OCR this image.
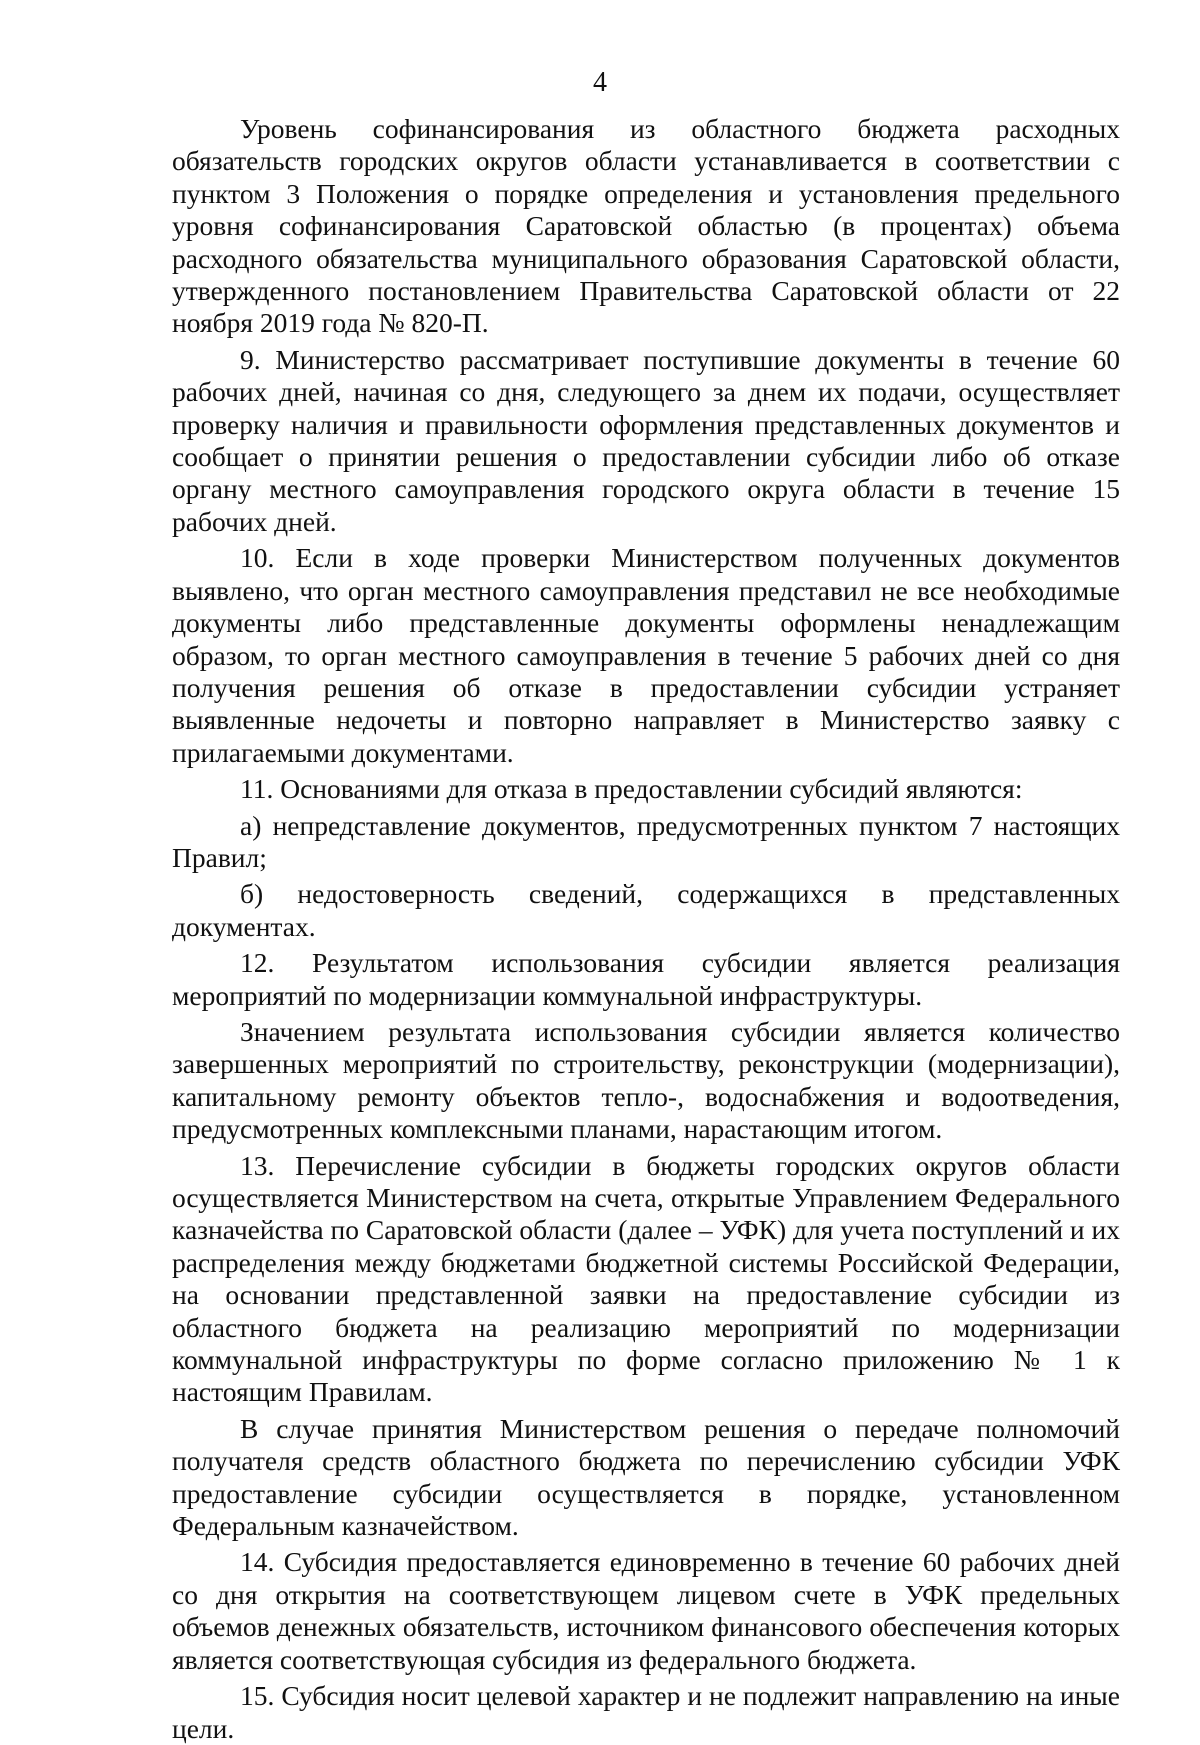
4

Уровень софинансирования из областного бюджета расходных обязательств городских округов области устанавливается в соответствии с пунктом 3 Положения о порядке определения и установления предельного уровня софинансирования Саратовской областью (в процентах) объема расходного обязательства муниципального образования Саратовской области, утвержденного постановлением Правительства Саратовской области от 22 ноября 2019 года № 820-П.

9. Министерство рассматривает поступившие документы в течение 60 рабочих дней, начиная со дня, следующего за днем их подачи, осуществляет проверку наличия и правильности оформления представленных документов и сообщает о принятии решения о предоставлении субсидии либо об отказе органу местного самоуправления городского округа области в течение 15 рабочих дней.

10. Если в ходе проверки Министерством полученных документов выявлено, что орган местного самоуправления представил не все необходимые документы либо представленные документы оформлены ненадлежащим образом, то орган местного самоуправления в течение 5 рабочих дней со дня получения решения об отказе в предоставлении субсидии устраняет выявленные недочеты и повторно направляет в Министерство заявку с прилагаемыми документами.

11. Основаниями для отказа в предоставлении субсидий являются:

а) непредставление документов, предусмотренных пунктом 7 настоящих Правил;

б) недостоверность сведений, содержащихся в представленных документах.

12. Результатом использования субсидии является реализация мероприятий по модернизации коммунальной инфраструктуры.

Значением результата использования субсидии является количество завершенных мероприятий по строительству, реконструкции (модернизации), капитальному ремонту объектов тепло-, водоснабжения и водоотведения, предусмотренных комплексными планами, нарастающим итогом.

13. Перечисление субсидии в бюджеты городских округов области осуществляется Министерством на счета, открытые Управлением Федерального казначейства по Саратовской области (далее – УФК) для учета поступлений и их распределения между бюджетами бюджетной системы Российской Федерации, на основании представленной заявки на предоставление субсидии из областного бюджета на реализацию мероприятий по модернизации коммунальной инфраструктуры по форме согласно приложению № 1 к настоящим Правилам.

В случае принятия Министерством решения о передаче полномочий получателя средств областного бюджета по перечислению субсидии УФК предоставление субсидии осуществляется в порядке, установленном Федеральным казначейством.

14. Субсидия предоставляется единовременно в течение 60 рабочих дней со дня открытия на соответствующем лицевом счете в УФК предельных объемов денежных обязательств, источником финансового обеспечения которых является соответствующая субсидия из федерального бюджета.

15. Субсидия носит целевой характер и не подлежит направлению на иные цели.
